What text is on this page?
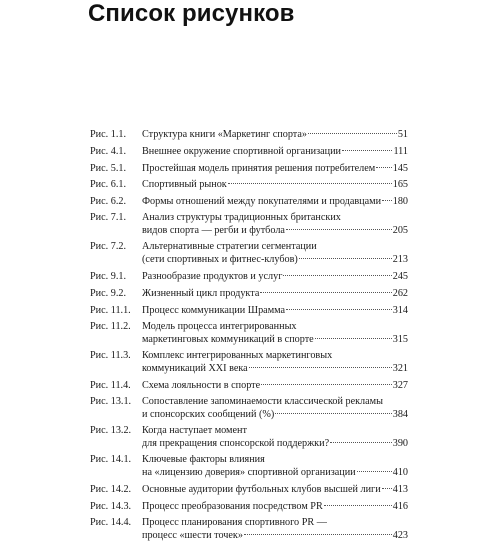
Список рисунков
Рис. 1.1.	Структура книги «Маркетинг спорта»	51
Рис. 4.1.	Внешнее окружение спортивной организации	111
Рис. 5.1.	Простейшая модель принятия решения потребителем 145
Рис. 6.1.	Спортивный рынок	165
Рис. 6.2.	Формы отношений между покупателями и продавцами 180
Рис. 7.1.	Анализ структуры традиционных британских
видов спорта — регби и футбола	205
Рис. 7.2.	Альтернативные стратегии сегментации
(сети спортивных и фитнес-клубов)	213
Рис. 9.1.	Разнообразие продуктов и услуг	245
Рис. 9.2.	Жизненный цикл продукта	262
Рис. 11.1.	Процесс коммуникации Шрамма	314
Рис. 11.2.	Модель процесса интегрированных
маркетинговых коммуникаций в спорте	315
Рис. 11.3.	Комплекс интегрированных маркетинговых
коммуникаций XXI века	321
Рис. 11.4.	Схема лояльности в спорте	327
Рис. 13.1.	Сопоставление запоминаемости классической рекламы
и спонсорских сообщений (%)	384
Рис. 13.2.	Когда наступает момент
для прекращения спонсорской поддержки?	390
Рис. 14.1.	Ключевые факторы влияния
на «лицензию доверия» спортивной организации	410
Рис. 14.2.	Основные аудитории футбольных клубов высшей лиги 413
Рис. 14.3.	Процесс преобразования посредством PR	416
Рис. 14.4.	Процесс планирования спортивного PR —
процесс «шести точек»	423
